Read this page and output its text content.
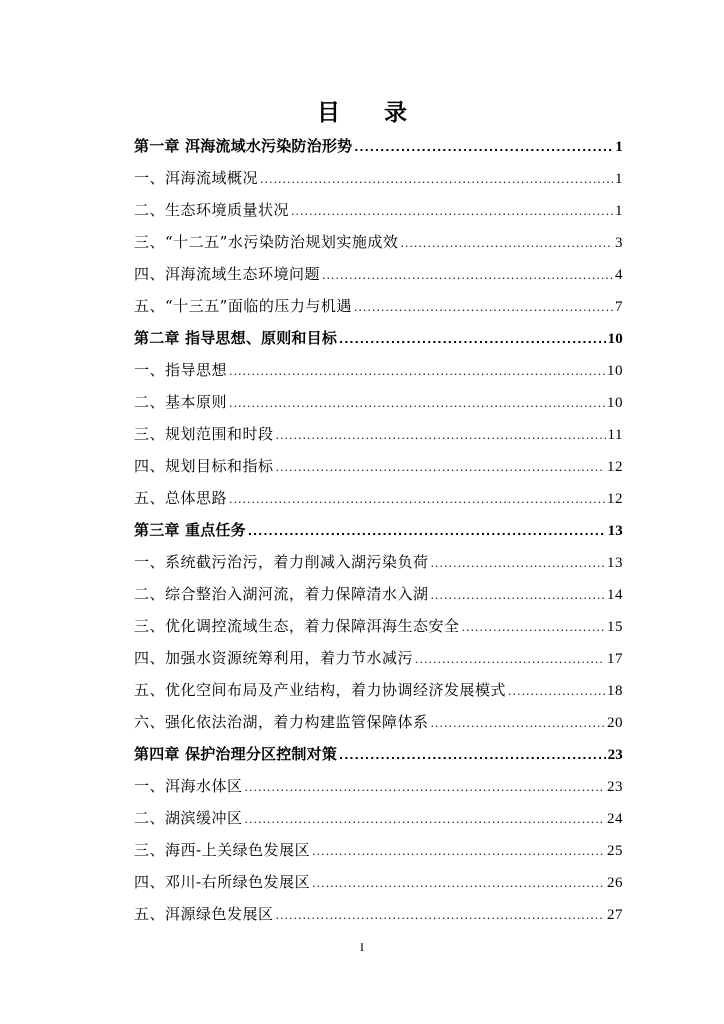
目 录
第一章 洱海流域水污染防治形势 .....	1
一、洱海流域概况 .....	1
二、生态环境质量状况 .....	1
三、“十二五”水污染防治规划实施成效 .....	3
四、洱海流域生态环境问题 .....	4
五、“十三五”面临的压力与机遇 .....	7
第二章 指导思想、原则和目标 .....	10
一、指导思想 .....	10
二、基本原则 .....	10
三、规划范围和时段 .....	11
四、规划目标和指标 .....	12
五、总体思路 .....	12
第三章 重点任务 .....	13
一、系统截污治污，着力削减入湖污染负荷 .....	13
二、综合整治入湖河流，着力保障清水入湖 .....	14
三、优化调控流域生态，着力保障洱海生态安全 .....	15
四、加强水资源统筹利用，着力节水减污 .....	17
五、优化空间布局及产业结构，着力协调经济发展模式 .....	18
六、强化依法治湖，着力构建监管保障体系 .....	20
第四章 保护治理分区控制对策 .....	23
一、洱海水体区 .....	23
二、湖滨缓冲区 .....	24
三、海西-上关绿色发展区 .....	25
四、邓川-右所绿色发展区 .....	26
五、洱源绿色发展区 .....	27
I
